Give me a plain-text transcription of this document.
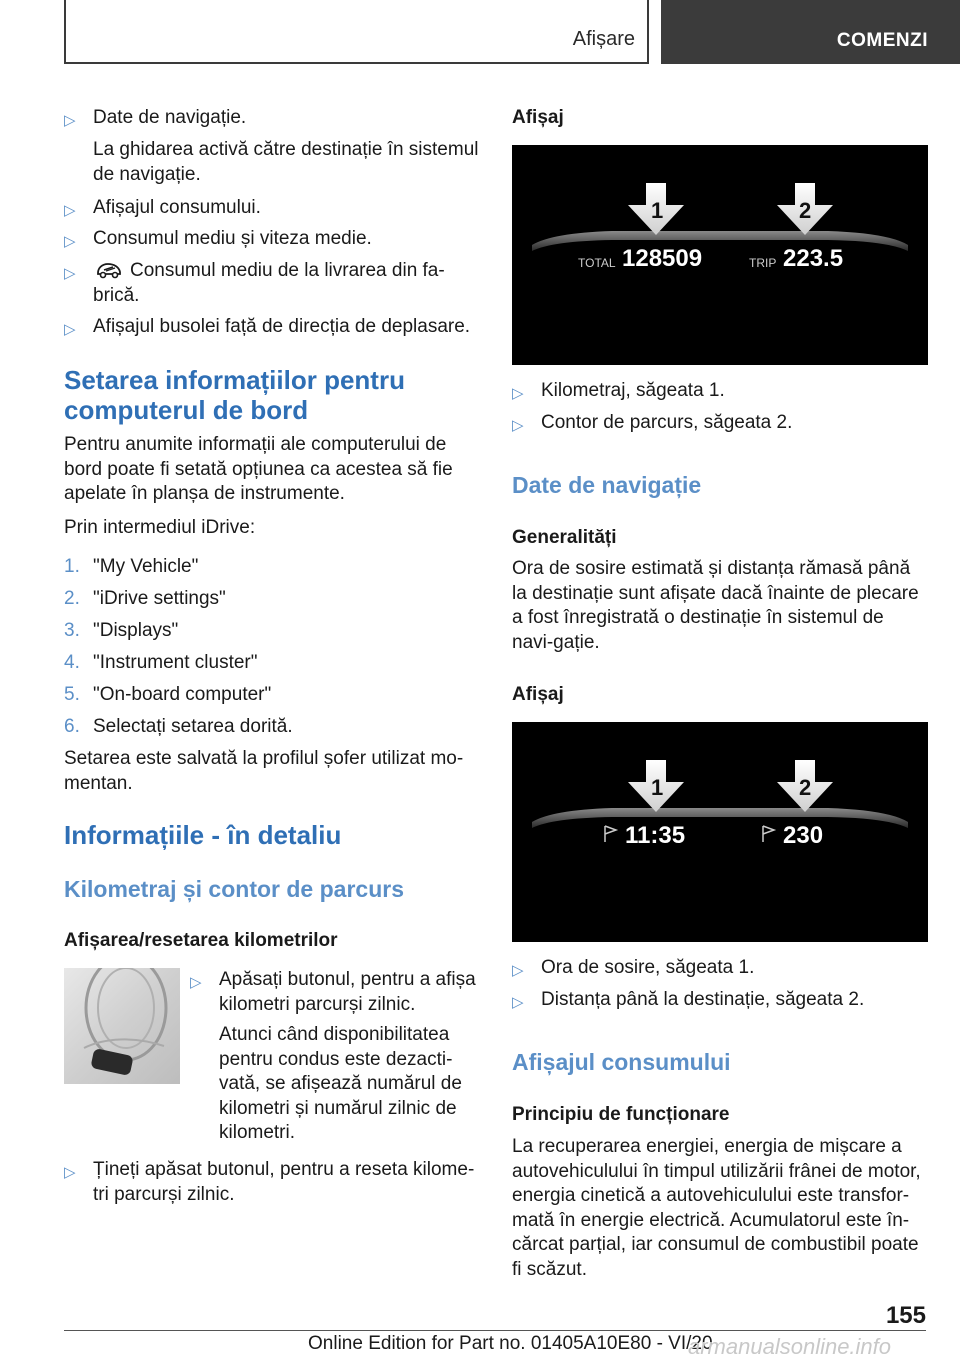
Afișare	COMENZI
▷ Date de navigație.
La ghidarea activă către destinație în sistemul de navigație.
▷ Afișajul consumului.
▷ Consumul mediu și viteza medie.
▷	Consumul mediu de la livrarea din fa-brică.
▷ Afișajul busolei față de direcția de deplasare.
Setarea informațiilor pentru computerul de bord
Pentru anumite informații ale computerului de bord poate fi setată opțiunea ca acestea să fie apelate în planșa de instrumente.
Prin intermediul iDrive:
1. "My Vehicle"
2. "iDrive settings"
3. "Displays"
4. "Instrument cluster"
5. "On-board computer"
6. Selectați setarea dorită.
Setarea este salvată la profilul șofer utilizat mo-mentan.
Informațiile - în detaliu
Kilometraj și contor de parcurs
Afișarea/resetarea kilometrilor
▷ Apăsați butonul, pentru a afișa kilometri parcurși zilnic.
Atunci când disponibilitatea pentru condus este dezacti-vată, se afișează numărul de kilometri și numărul zilnic de kilometri.
▷ Țineți apăsat butonul, pentru a reseta kilome-tri parcurși zilnic.
Afișaj
1	2
TOTAL 128509	TRIP 223.5
▷ Kilometraj, săgeata 1.
▷ Contor de parcurs, săgeata 2.
Date de navigație
Generalități
Ora de sosire estimată și distanța rămasă până la destinație sunt afișate dacă înainte de plecare a fost înregistrată o destinație în sistemul de navi-gație.
Afișaj
1	2
11:35	230
▷ Ora de sosire, săgeata 1.
▷ Distanța până la destinație, săgeata 2.
Afișajul consumului
Principiu de funcționare
La recuperarea energiei, energia de mișcare a autovehiculului în timpul utilizării frânei de motor, energia cinetică a autovehiculului este transfor-mată în energie electrică. Acumulatorul este în-cărcat parțial, iar consumul de combustibil poate fi scăzut.
155
Online Edition for Part no. 01405A10E80 - VI/20
armanualsonline.info
